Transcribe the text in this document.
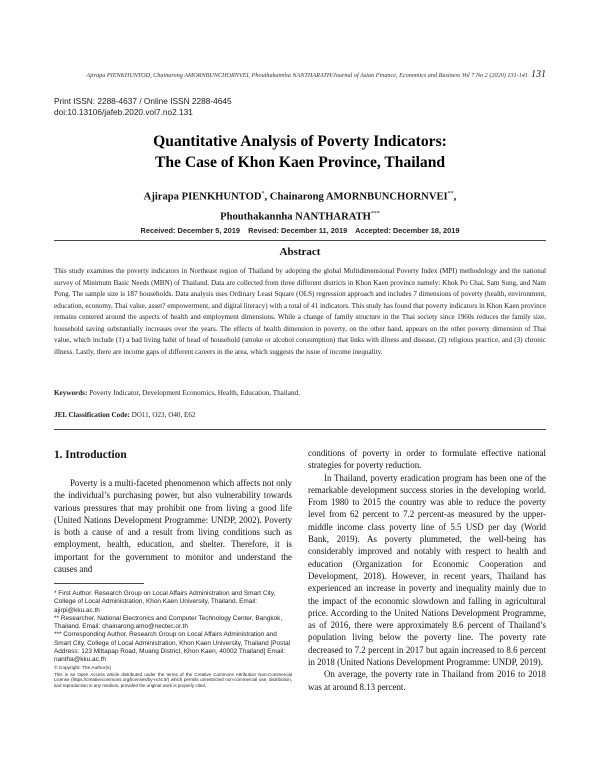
Ajirapa PIENKHUNTOD, Chainarong AMORNBUNCHORNVEI, Phouthakannha NANTHARATH/Journal of Asian Finance, Economics and Business Vol 7 No 2 (2020) 131-141 131
Print ISSN: 2288-4637 / Online ISSN 2288-4645
doi:10.13106/jafeb.2020.vol7.no2.131
Quantitative Analysis of Poverty Indicators:
The Case of Khon Kaen Province, Thailand
Ajirapa PIENKHUNTOD*, Chainarong AMORNBUNCHORNVEI**,
Phouthakannha NANTHARATH***
Received: December 5, 2019    Revised: December 11, 2019    Accepted: December 18, 2019
Abstract
This study examines the poverty indicators in Northeast region of Thailand by adopting the global Multidimensional Poverty Index (MPI) methodology and the national survey of Minimum Basic Needs (MBN) of Thailand. Data are collected from three different districts in Khon Kaen province namely: Khok Po Chai, Sam Sung, and Nam Pong. The sample size is 187 households. Data analysis uses Ordinary Least Square (OLS) regression approach and includes 7 dimensions of poverty (health, environment, education, economy, Thai value, asset? empowerment, and digital literacy) with a total of 41 indicators. This study has found that poverty indicators in Khon Kaen province remains centered around the aspects of health and employment dimensions. While a change of family structure in the Thai society since 1960s reduces the family size, household saving substantially increases over the years. The effects of health dimension in poverty, on the other hand, appears on the other poverty dimension of Thai value, which include (1) a bad living habit of head of household (smoke or alcohol consumption) that links with illness and disease, (2) religious practice, and (3) chronic illness. Lastly, there are income gaps of different careers in the area, which suggests the issue of income inequality.
Keywords: Poverty Indicator, Development Economics, Health, Education, Thailand.
JEL Classification Code: DO11, O23, O40, E62
1. Introduction

Poverty is a multi-faceted phenomenon which affects not only the individual’s purchasing power, but also vulnerability towards various pressures that may prohibit one from living a good life (United Nations Development Programme: UNDP, 2002). Poverty is both a cause of and a result from living conditions such as employment, health, education, and shelter. Therefore, it is important for the government to monitor and understand the causes and

conditions of poverty in order to formulate effective national strategies for poverty reduction.

In Thailand, poverty eradication program has been one of the remarkable development success stories in the developing world. From 1980 to 2015 the country was able to reduce the poverty level from 62 percent to 7.2 percent-as measured by the upper-middle income class poverty line of 5.5 USD per day (World Bank, 2019). As poverty plummeted, the well-being has considerably improved and notably with respect to health and education (Organization for Economic Cooperation and Development, 2018). However, in recent years, Thailand has experienced an increase in poverty and inequality mainly due to the impact of the economic slowdown and falling in agricultural price. According to the United Nations Development Programme, as of 2016, there were approximately 8.6 percent of Thailand’s population living below the poverty line. The poverty rate decreased to 7.2 percent in 2017 but again increased to 8.6 percent in 2018 (United Nations Development Programme: UNDP, 2019).

On average, the poverty rate in Thailand from 2016 to 2018 was at around 8.13 percent.

* First Author. Research Group on Local Affairs Administration and Smart City, College of Local Administration, Khon Kaen University, Thailand. Email: ajirpi@kku.ac.th

** Researcher, National Electronics and Computer Technology Center, Bangkok, Thailand. Email: chainarong.amo@nectec.or.th

*** Corresponding Author. Research Group on Local Affairs Administration and Smart City, College of Local Administration, Khon Kaen University, Thailand [Postal Address: 123 Mittapap Road, Muang District, Khon Kaen, 40002 Thailand] Email: nantha@kku.ac.th

© Copyright: The Author(s)

This is an Open Access article distributed under the terms of the Creative Commons Attribution Non-Commercial License (https://creativecommons.org/licenses/by-nc/4.0/) which permits unrestricted non-commercial use, distribution, and reproduction in any medium, provided the original work is properly cited.
